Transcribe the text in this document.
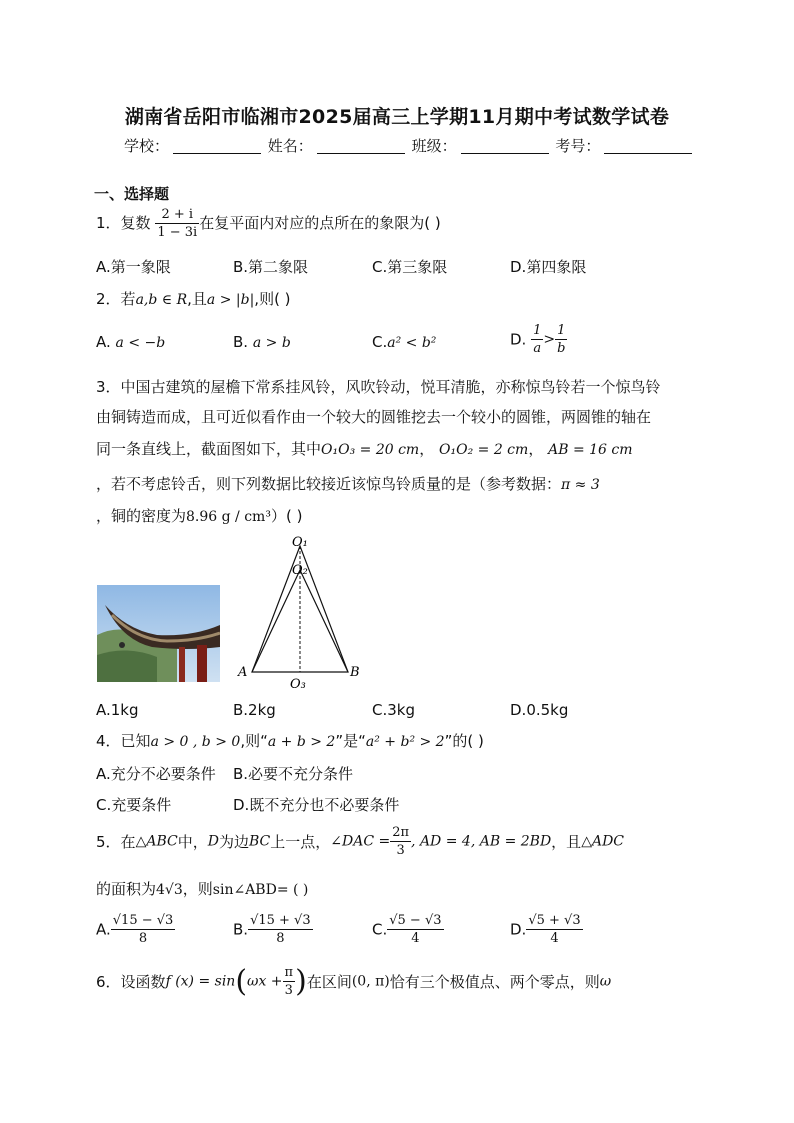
湖南省岳阳市临湘市2025届高三上学期11月期中考试数学试卷
学校：	姓名：	班级：	考号：
一、选择题
1．复数 $\frac{2 + i}{1 - 3i}$ 在复平面内对应的点所在的象限为( )
A.第一象限	B.第二象限	C.第三象限	D.第四象限
2．若a,b ∈ R,且a > |b|,则( )
A. a < −b	B. a > b	C.a² < b²	D. $\frac{1}{a} > \frac{1}{b}$
3．中国古建筑的屋檐下常系挂风铃，风吹铃动，悦耳清脆，亦称惊鸟铃若一个惊鸟铃
由铜铸造而成，且可近似看作由一个较大的圆锥挖去一个较小的圆锥，两圆锥的轴在
同一条直线上，截面图如下，其中O₁O₃ = 20 cm， O₁O₂ = 2 cm， AB = 16 cm
，若不考虑铃舌，则下列数据比较接近该惊鸟铃质量的是（参考数据：π ≈ 3
，铜的密度为8.96 g / cm³）( )
O₁
O₂
O₃
A	B
A.1kg	B.2kg	C.3kg	D.0.5kg
4．已知a > 0 , b > 0,则“a + b > 2”是“a² + b² > 2”的( )
A.充分不必要条件 B.必要不充分条件
C.充要条件	D.既不充分也不必要条件
5．在△ABC中，D为边BC上一点，∠DAC = $\frac{2\pi}{3}$ , AD = 4, AB = 2BD，且△ADC
的面积为4√3，则sin∠ABD= ( )
A. $\frac{√15 - √3}{8}$	B. $\frac{√15 + √3}{8}$	C. $\frac{√5 - √3}{4}$	D. $\frac{√5 + √3}{4}$
6．设函数f $(x) = \sin(\omega x + \frac{\pi}{3}$ )在区间(0, π)恰有三个极值点、两个零点，则ω
